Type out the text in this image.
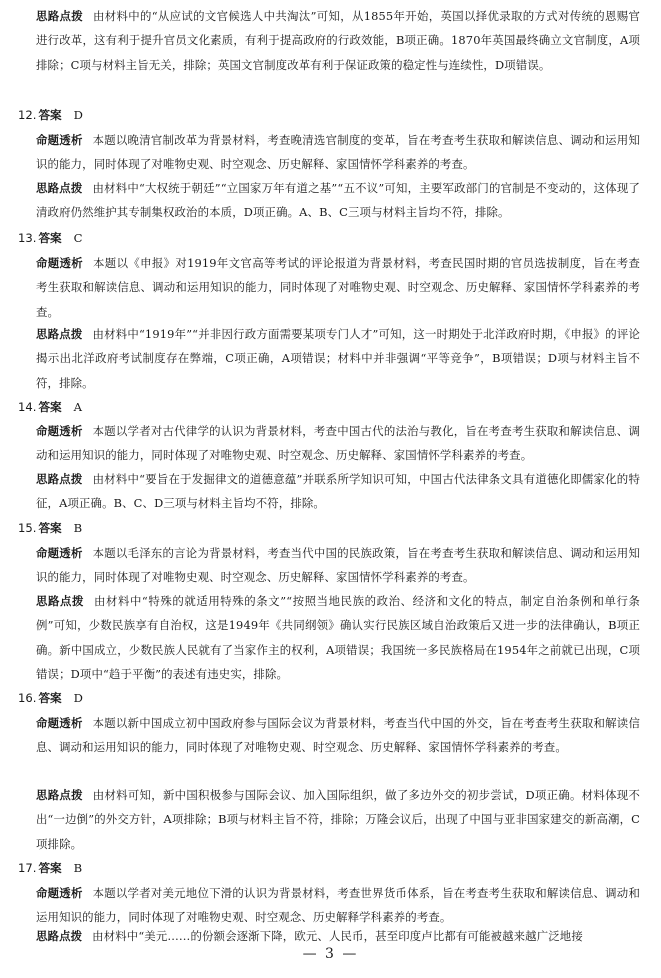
思路点拨 由材料中的“从应试的文官候选人中共淘汰”可知，从1855年开始，英国以择优录取的方式对传统的恩赐官进行改革，这有利于提升官员文化素质，有利于提高政府的行政效能，B项正确。1870年英国最终确立文官制度，A项排除；C项与材料主旨无关，排除；英国文官制度改革有利于保证政策的稳定性与连续性，D项错误。
12. 答案 D
命题透析 本题以晚清官制改革为背景材料，考查晚清选官制度的变革，旨在考查考生获取和解读信息、调动和运用知识的能力，同时体现了对唯物史观、时空观念、历史解释、家国情怀学科素养的考查。
思路点拨 由材料中“大权统于朝廷”“立国家万年有道之基”“五不议”可知，主要军政部门的官制是不变动的，这体现了清政府仍然维护其专制集权政治的本质，D项正确。A、B、C三项与材料主旨均不符，排除。
13. 答案 C
命题透析 本题以《申报》对1919年文官高等考试的评论报道为背景材料，考查民国时期的官员选拔制度，旨在考查考生获取和解读信息、调动和运用知识的能力，同时体现了对唯物史观、时空观念、历史解释、家国情怀学科素养的考查。
思路点拨 由材料中“1919年”“并非因行政方面需要某项专门人才”可知，这一时期处于北洋政府时期，《申报》的评论揭示出北洋政府考试制度存在弊端，C项正确，A项错误；材料中并非强调“平等竞争”，B项错误；D项与材料主旨不符，排除。
14. 答案 A
命题透析 本题以学者对古代律学的认识为背景材料，考查中国古代的法治与教化，旨在考查考生获取和解读信息、调动和运用知识的能力，同时体现了对唯物史观、时空观念、历史解释、家国情怀学科素养的考查。
思路点拨 由材料中“要旨在于发掘律文的道德意蕴”并联系所学知识可知，中国古代法律条文具有道德化即儒家化的特征，A项正确。B、C、D三项与材料主旨均不符，排除。
15. 答案 B
命题透析 本题以毛泽东的言论为背景材料，考查当代中国的民族政策，旨在考查考生获取和解读信息、调动和运用知识的能力，同时体现了对唯物史观、时空观念、历史解释、家国情怀学科素养的考查。
思路点拨 由材料中“特殊的就适用特殊的条文”“按照当地民族的政治、经济和文化的特点，制定自治条例和单行条例”可知，少数民族享有自治权，这是1949年《共同纲领》确认实行民族区域自治政策后又进一步的法律确认，B项正确。新中国成立，少数民族人民就有了当家作主的权利，A项错误；我国统一多民族格局在1954年之前就已出现，C项错误；D项中“趋于平衡”的表述有违史实，排除。
16. 答案 D
命题透析 本题以新中国成立初中国政府参与国际会议为背景材料，考查当代中国的外交，旨在考查考生获取和解读信息、调动和运用知识的能力，同时体现了对唯物史观、时空观念、历史解释、家国情怀学科素养的考查。
思路点拨 由材料可知，新中国积极参与国际会议、加入国际组织，做了多边外交的初步尝试，D项正确。材料体现不出“一边倒”的外交方针，A项排除；B项与材料主旨不符，排除；万隆会议后，出现了中国与亚非国家建交的新高潮，C项排除。
17. 答案 B
命题透析 本题以学者对美元地位下滑的认识为背景材料，考查世界货币体系，旨在考查考生获取和解读信息、调动和运用知识的能力，同时体现了对唯物史观、时空观念、历史解释学科素养的考查。
思路点拨 由材料中“美元……的份额会逐渐下降，欧元、人民币，甚至印度卢比都有可能被越来越广泛地接
— 3 —
